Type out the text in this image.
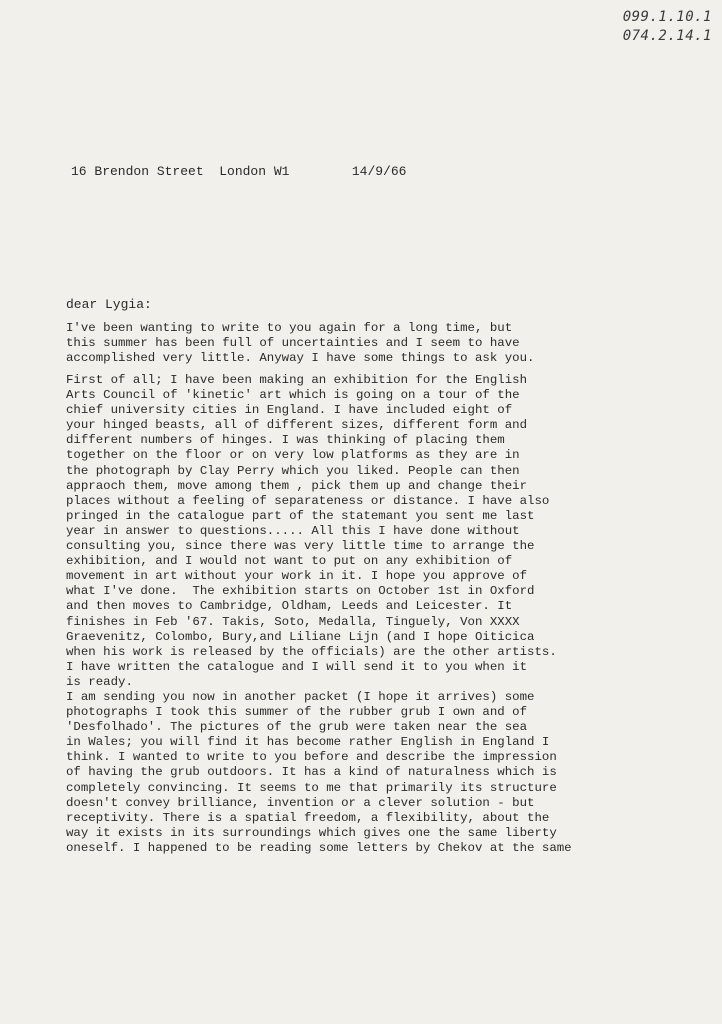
099.1.10.1
074.2.14.1
16 Brendon Street  London W1        14/9/66
dear Lygia:
I've been wanting to write to you again for a long time, but
this summer has been full of uncertainties and I seem to have
accomplished very little. Anyway I have some things to ask you.
First of all; I have been making an exhibition for the English
Arts Council of 'kinetic' art which is going on a tour of the
chief university cities in England. I have included eight of
your hinged beasts, all of different sizes, different form and
different numbers of hinges. I was thinking of placing them
together on the floor or on very low platforms as they are in
the photograph by Clay Perry which you liked. People can then
appraoch them, move among them , pick them up and change their
places without a feeling of separateness or distance. I have also
pringed in the catalogue part of the statemant you sent me last
year in answer to questions..... All this I have done without
consulting you, since there was very little time to arrange the
exhibition, and I would not want to put on any exhibition of
movement in art without your work in it. I hope you approve of
what I've done.  The exhibition starts on October 1st in Oxford
and then moves to Cambridge, Oldham, Leeds and Leicester. It
finishes in Feb '67. Takis, Soto, Medalla, Tinguely, Von XXXX
Graevenitz, Colombo, Bury,and Liliane Lijn (and I hope Oiticica
when his work is released by the officials) are the other artists.
I have written the catalogue and I will send it to you when it
is ready.
I am sending you now in another packet (I hope it arrives) some
photographs I took this summer of the rubber grub I own and of
'Desfolhado'. The pictures of the grub were taken near the sea
in Wales; you will find it has become rather English in England I
think. I wanted to write to you before and describe the impression
of having the grub outdoors. It has a kind of naturalness which is
completely convincing. It seems to me that primarily its structure
doesn't convey brilliance, invention or a clever solution - but
receptivity. There is a spatial freedom, a flexibility, about the
way it exists in its surroundings which gives one the same liberty
oneself. I happened to be reading some letters by Chekov at the same
